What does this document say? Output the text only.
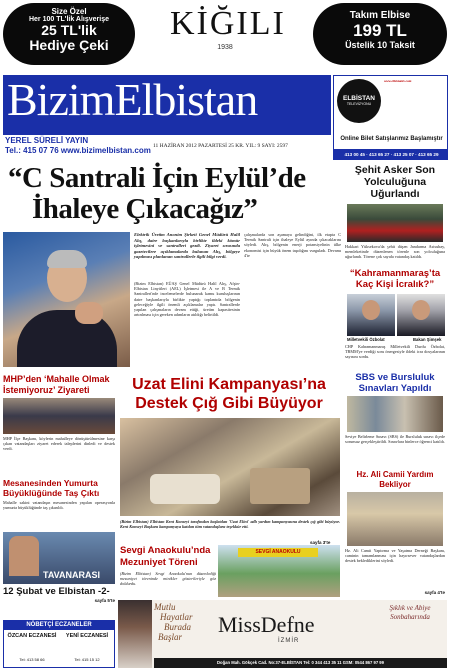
Size Özel
Her 100 TL'lik Alışverişe
25 TL'lik
Hediye Çeki
KİĞILI
1938
Takım Elbise
199 TL
Üstelik 10 Taksit
BizimElbistan
YEREL SÜRELİ YAYIN
Tel.: 415 07 76 www.bizimelbistan.com 11 HAZİRAN 2012 PAZARTESİ 25 KR. YIL: 9 SAYI: 2597
ELBİSTAN
TELEVİZYONU
www.elbistantv.com
Online Bilet Satışlarımız Başlamıştır
413 00 45 · 413 65 27 · 413 25 07 · 413 65 29
“C Santrali İçin Eylül’de
İhaleye Çıkacağız”
Elektrik Üretim Anonim Şirketi Genel Müdürü Halil Alış, daire başkanlarıyla birlikte ildeki kömür işletmesini ve santralleri gezdi. Ziyaret sırasında gazetecilere açıklamalarda bulunan Alış, bölgeye yapılması planlanan santrallerle ilgili bilgi verdi.
(Bizim Elbistan) EÜAŞ Genel Müdürü Halil Alış, Afşin-Elbistan Linyitleri (AEL) İşletmesi ile A ve B Termik Santralleri'nde incelemelerde bulunarak kamu kuruluşlarının daire başkanlarıyla birlikte yaptığı toplantıda bölgenin geleceğiyle ilgili önemli açıklamalar yaptı. Santrallerde yapılan çalışmaların devam ettiği, üretim kapasitesinin artırılması için gereken adımların atıldığı belirtildi.
çalışmalarda son aşamaya gelindiğini, ilk etapta C Termik Santrali için ihaleye Eylül ayında çıkacaklarını söyledi. Alış, bölgenin enerji potansiyelinin ülke ekonomisi için büyük önem taşıdığını vurguladı. Devamı 4'te
Şehit Asker Son Yolculuğuna Uğurlandı
Hakkari Yüksekova'da şehit düşen Jandarma Astsubay, memleketinde düzenlenen törenle son yolculuğuna uğurlandı. Törene çok sayıda vatandaş katıldı.
“Kahramanmaraş’ta Kaç Kişi İcralık?”
Milletvekili Özbolat	Bakan Şimşek
CHP Kahramanmaraş Milletvekili Durdu Özbolat, TBMM'ye verdiği soru önergesiyle ildeki icra dosyalarının sayısını sordu.
SBS ve Bursluluk Sınavları Yapıldı
Seviye Belirleme Sınavı (SBS) ile Bursluluk sınavı ilçede sorunsuz gerçekleştirildi. Sınavlara binlerce öğrenci katıldı.
Hz. Ali Camii Yardım Bekliyor
Hz. Ali Camii Yaptırma ve Yaşatma Derneği Başkanı, caminin tamamlanması için hayırsever vatandaşlardan destek beklediklerini söyledi.
sayfa 4'te
MHP’den ‘Mahalle Olmak İstemiyoruz’ Ziyareti
MHP İlçe Başkanı, köylerin mahalleye dönüştürülmesine karşı çıkan vatandaşları ziyaret ederek taleplerini dinledi ve destek verdi.
Mesanesinden Yumurta Büyüklüğünde Taş Çıktı
Mahalle sakini vatandaşın mesanesinden yapılan operasyonla yumurta büyüklüğünde taş çıkarıldı.
TAVANARASI
12 Şubat ve Elbistan -2-
sayfa 5'te
Uzat Elini Kampanyası’na
Destek Çığ Gibi Büyüyor
(Bizim Elbistan) Elbistan Kent Konseyi tarafından başlatılan 'Uzat Elini' adlı yardım kampanyasına destek çığ gibi büyüyor. Kent Konseyi Başkanı kampanyaya katılan tüm vatandaşlara teşekkür etti.
sayfa 3'te
Sevgi Anaokulu’nda Mezuniyet Töreni
(Bizim Elbistan) Sevgi Anaokulu'nun düzenlediği mezuniyet töreninde minikler gösterileriyle göz doldurdu.
SEVGİ ANAOKULU
NÖBETÇİ ECZANELER
ÖZCAN ECZANESİ
Tel: 413 58 66
YENİ ECZANESİ
Tel: 415 15 12
Mutlu
Hayatlar
Burada
Başlar	MissDefne
İZMİR
Şıklık ve Abiye Sonbaharında
Doğan Mah. Gökçek Cad. No:37-ELBİSTAN Tel: 0 344 413 35 11 GSM: 0544 867 97 99
